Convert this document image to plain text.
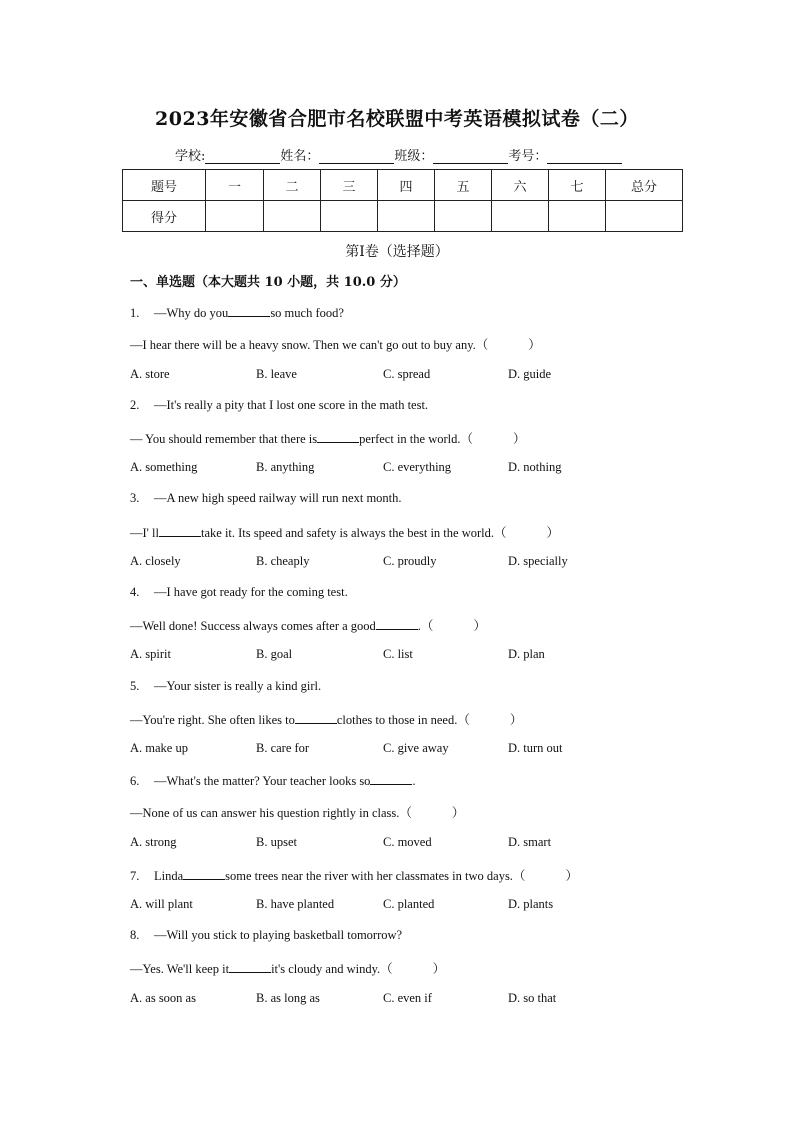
2023年安徽省合肥市名校联盟中考英语模拟试卷（二）
学校:	姓名：	班级：	考号：
题号	一	二	三	四	五	六	七	总分
得分								
第I卷（选择题）
一、单选题（本大题共 10 小题，共 10.0 分）
1. —Why do you	so much food?
—I hear there will be a heavy snow. Then we can't go out to buy any.（	）
A. store	B. leave	C. spread	D. guide
2. —It's really a pity that I lost one score in the math test.
— You should remember that there is	perfect in the world.（	）
A. something	B. anything	C. everything	D. nothing
3. —A new high speed railway will run next month.
—I' ll	take it. Its speed and safety is always the best in the world.（	）
A. closely	B. cheaply	C. proudly	D. specially
4. —I have got ready for the coming test.
—Well done! Success always comes after a good	.（	）
A. spirit	B. goal	C. list	D. plan
5. —Your sister is really a kind girl.
—You're right. She often likes to	clothes to those in need.（	）
A. make up	B. care for	C. give away	D. turn out
6. —What's the matter? Your teacher looks so	.
—None of us can answer his question rightly in class.（	）
A. strong	B. upset	C. moved	D. smart
7. Linda	some trees near the river with her classmates in two days.（	）
A. will plant	B. have planted	C. planted	D. plants
8. —Will you stick to playing basketball tomorrow?
—Yes. We'll keep it	it's cloudy and windy.（	）
A. as soon as	B. as long as	C. even if	D. so that
